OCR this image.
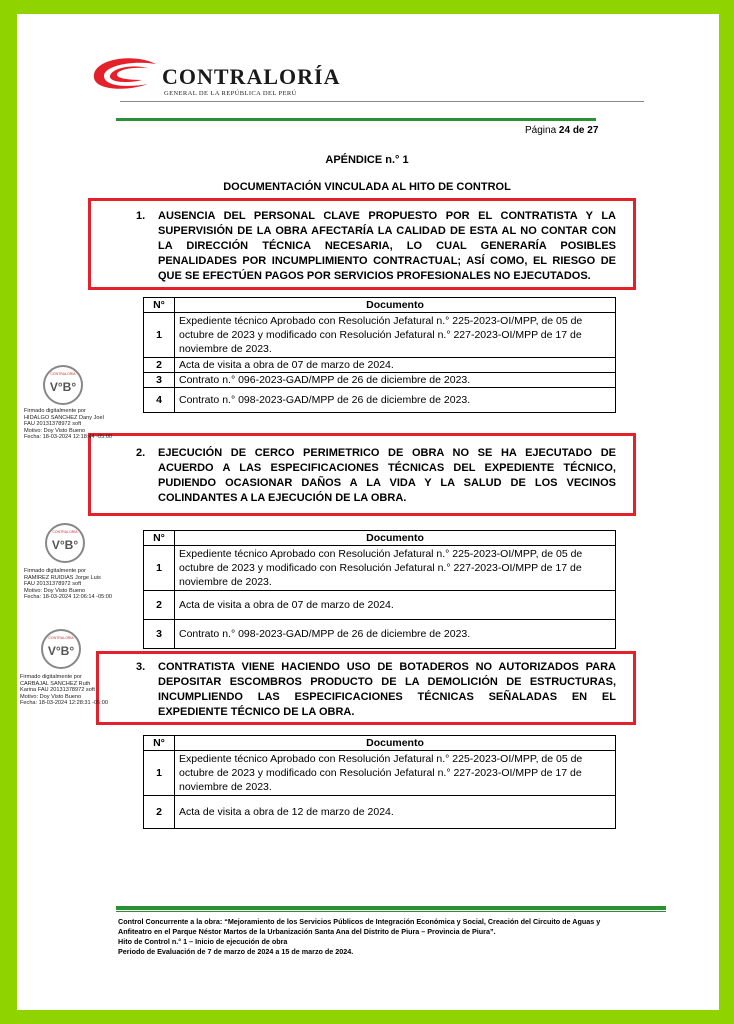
CONTRALORÍA
GENERAL DE LA REPÚBLICA DEL PERÚ
Página 24 de 27
APÉNDICE n.° 1
DOCUMENTACIÓN VINCULADA AL HITO DE CONTROL
1. AUSENCIA DEL PERSONAL CLAVE PROPUESTO POR EL CONTRATISTA Y LA SUPERVISIÓN DE LA OBRA AFECTARÍA LA CALIDAD DE ESTA AL NO CONTAR CON LA DIRECCIÓN TÉCNICA NECESARIA, LO CUAL GENERARÍA POSIBLES PENALIDADES POR INCUMPLIMIENTO CONTRACTUAL; ASÍ COMO, EL RIESGO DE QUE SE EFECTÚEN PAGOS POR SERVICIOS PROFESIONALES NO EJECUTADOS.
N°	Documento
1	Expediente técnico Aprobado con Resolución Jefatural n.° 225-2023-OI/MPP, de 05 de octubre de 2023 y modificado con Resolución Jefatural n.° 227-2023-OI/MPP de 17 de noviembre de 2023.
2	Acta de visita a obra de 07 de marzo de 2024.
3	Contrato n.° 096-2023-GAD/MPP de 26 de diciembre de 2023.
4	Contrato n.° 098-2023-GAD/MPP de 26 de diciembre de 2023.
2. EJECUCIÓN DE CERCO PERIMETRICO DE OBRA NO SE HA EJECUTADO DE ACUERDO A LAS ESPECIFICACIONES TÉCNICAS DEL EXPEDIENTE TÉCNICO, PUDIENDO OCASIONAR DAÑOS A LA VIDA Y LA SALUD DE LOS VECINOS COLINDANTES A LA EJECUCIÓN DE LA OBRA.
N°	Documento
1	Expediente técnico Aprobado con Resolución Jefatural n.° 225-2023-OI/MPP, de 05 de octubre de 2023 y modificado con Resolución Jefatural n.° 227-2023-OI/MPP de 17 de noviembre de 2023.
2	Acta de visita a obra de 07 de marzo de 2024.
3	Contrato n.° 098-2023-GAD/MPP de 26 de diciembre de 2023.
3. CONTRATISTA VIENE HACIENDO USO DE BOTADEROS NO AUTORIZADOS PARA DEPOSITAR ESCOMBROS PRODUCTO DE LA DEMOLICIÓN DE ESTRUCTURAS, INCUMPLIENDO LAS ESPECIFICACIONES TÉCNICAS SEÑALADAS EN EL EXPEDIENTE TÉCNICO DE LA OBRA.
N°	Documento
1	Expediente técnico Aprobado con Resolución Jefatural n.° 225-2023-OI/MPP, de 05 de octubre de 2023 y modificado con Resolución Jefatural n.° 227-2023-OI/MPP de 17 de noviembre de 2023.
2	Acta de visita a obra de 12 de marzo de 2024.
CONTRALORÍA
V°B°
Firmado digitalmente por
HIDALGO SANCHEZ Dany Joel
FAU 20131378972 soft
Motivo: Doy Visto Bueno
Fecha: 18-03-2024 12:18:44 -05:00
CONTRALORÍA
V°B°
Firmado digitalmente por
RAMIREZ RUIDIAS Jorge Luis
FAU 20131378972 soft
Motivo: Doy Visto Bueno
Fecha: 18-03-2024 12:06:14 -05:00
CONTRALORÍA
V°B°
Firmado digitalmente por
CARBAJAL SANCHEZ Ruth
Karina FAU 20131378972 soft
Motivo: Doy Visto Bueno
Fecha: 18-03-2024 12:28:31 -05:00
Control Concurrente a la obra: “Mejoramiento de los Servicios Públicos de Integración Económica y Social, Creación del Circuito de Aguas y Anfiteatro en el Parque Néstor Martos de la Urbanización Santa Ana del Distrito de Piura – Provincia de Piura”.
Hito de Control n.° 1 – Inicio de ejecución de obra
Periodo de Evaluación de 7 de marzo de 2024 a 15 de marzo de 2024.
